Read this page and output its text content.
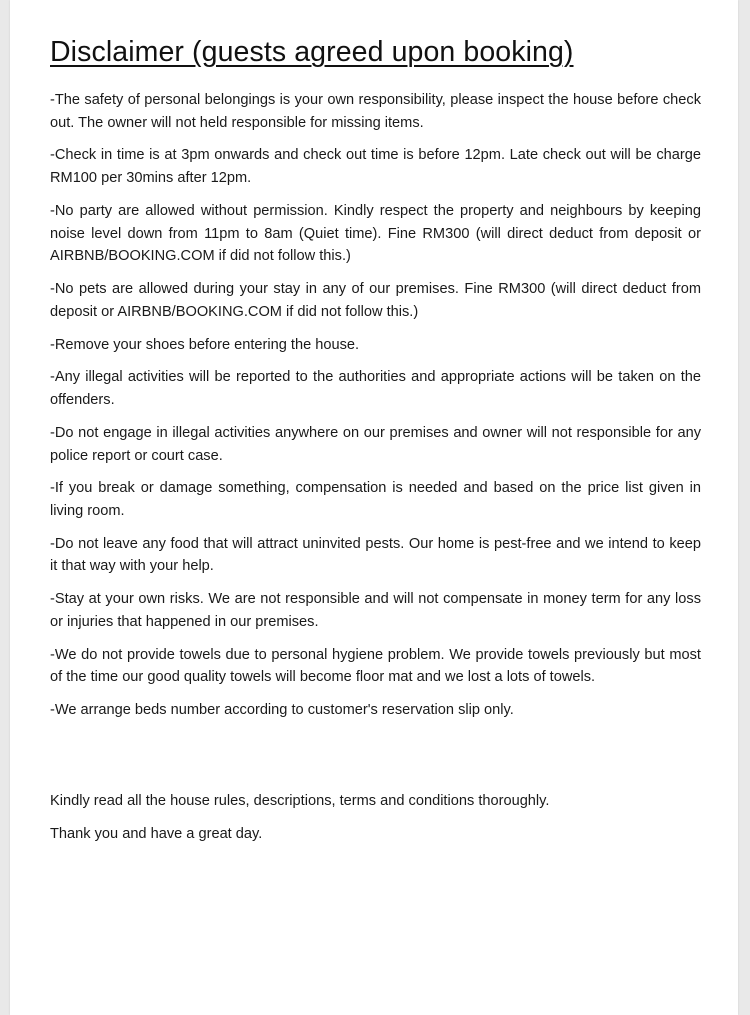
Disclaimer (guests agreed upon booking)
-The safety of personal belongings is your own responsibility, please inspect the house before check out. The owner will not held responsible for missing items.
-Check in time is at 3pm onwards and check out time is before 12pm. Late check out will be charge RM100 per 30mins after 12pm.
-No party are allowed without permission. Kindly respect the property and neighbours by keeping noise level down from 11pm to 8am (Quiet time). Fine RM300 (will direct deduct from deposit or AIRBNB/BOOKING.COM if did not follow this.)
-No pets are allowed during your stay in any of our premises. Fine RM300 (will direct deduct from deposit or AIRBNB/BOOKING.COM if did not follow this.)
-Remove your shoes before entering the house.
-Any illegal activities will be reported to the authorities and appropriate actions will be taken on the offenders.
-Do not engage in illegal activities anywhere on our premises and owner will not responsible for any police report or court case.
-If you break or damage something, compensation is needed and based on the price list given in living room.
-Do not leave any food that will attract uninvited pests. Our home is pest-free and we intend to keep it that way with your help.
-Stay at your own risks. We are not responsible and will not compensate in money term for any loss or injuries that happened in our premises.
-We do not provide towels due to personal hygiene problem. We provide towels previously but most of the time our good quality towels will become floor mat and we lost a lots of towels.
-We arrange beds number according to customer's reservation slip only.

Kindly read all the house rules, descriptions, terms and conditions thoroughly.

Thank you and have a great day.
